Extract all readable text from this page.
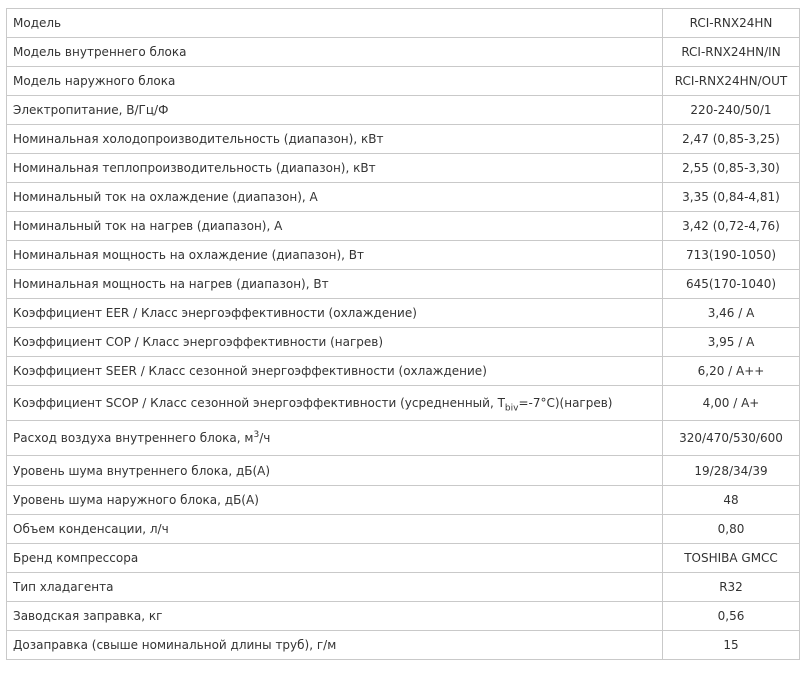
Модель	RCI-RNX24HN
Модель внутреннего блока	RCI-RNX24HN/IN
Модель наружного блока	RCI-RNX24HN/OUT
Электропитание, В/Гц/Ф	220-240/50/1
Номинальная холодопроизводительность (диапазон), кВт	2,47 (0,85-3,25)
Номинальная теплопроизводительность (диапазон), кВт	2,55 (0,85-3,30)
Номинальный ток на охлаждение (диапазон), А	3,35 (0,84-4,81)
Номинальный ток на нагрев (диапазон), А	3,42 (0,72-4,76)
Номинальная мощность на охлаждение (диапазон), Вт	713(190-1050)
Номинальная мощность на нагрев (диапазон), Вт	645(170-1040)
Коэффициент EER / Класс энергоэффективности (охлаждение)	3,46 / A
Коэффициент COP / Класс энергоэффективности (нагрев)	3,95 / A
Коэффициент SEER / Класс сезонной энергоэффективности (охлаждение)	6,20 / A++
Коэффициент SCOP / Класс сезонной энергоэффективности (усредненный, $T_{biv}=-7^\circ C)(нагрев)$	4,00 / A+
Расход воздуха внутреннего блока, $м^3/ч$	320/470/530/600
Уровень шума внутреннего блока, дБ(А)	19/28/34/39
Уровень шума наружного блока, дБ(А)	48
Объем конденсации, л/ч	0,80
Бренд компрессора	TOSHIBA GMCC
Тип хладагента	R32
Заводская заправка, кг	0,56
Дозаправка (свыше номинальной длины труб), г/м	15
